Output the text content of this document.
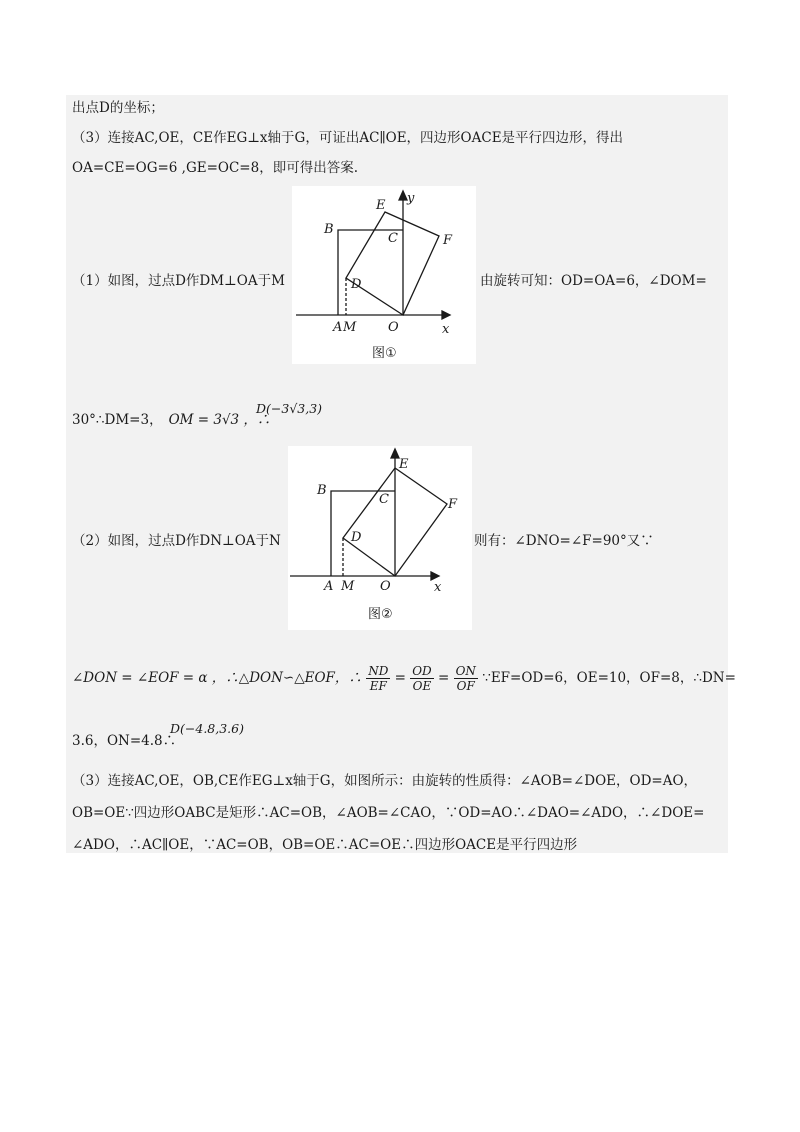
出点D的坐标；
（3）连接AC,OE，CE作EG⊥x轴于G，可证出AC∥OE，四边形OACE是平行四边形，得出
OA=CE=OG=6 ,GE=OC=8，即可得出答案.
E y
B
C	F
D
A M O	x
图①
（1）如图，过点D作DM⊥OA于M	由旋转可知：OD=OA=6，∠DOM=
30°∴DM=3， OM = 3√3 ，∴
D(−3√3,3)
E
B
C	F
D
A M O	x
图②
（2）如图，过点D作DN⊥OA于N	则有：∠DNO=∠F=90°又∵
∠DON = ∠EOF = α ，∴△DON∽△EOF，∴ $\frac{ND}{EF} = \frac{OD}{OE} = \frac{ON}{OF}$ ∵EF=OD=6，OE=10，OF=8，∴DN=
3.6，ON=4.8∴
D(−4.8,3.6)
（3）连接AC,OE，OB,CE作EG⊥x轴于G，如图所示：由旋转的性质得：∠AOB=∠DOE，OD=AO，
OB=OE∵四边形OABC是矩形∴AC=OB，∠AOB=∠CAO，∵OD=AO∴∠DAO=∠ADO，∴∠DOE=
∠ADO，∴AC∥OE，∵AC=OB，OB=OE∴AC=OE∴四边形OACE是平行四边形
